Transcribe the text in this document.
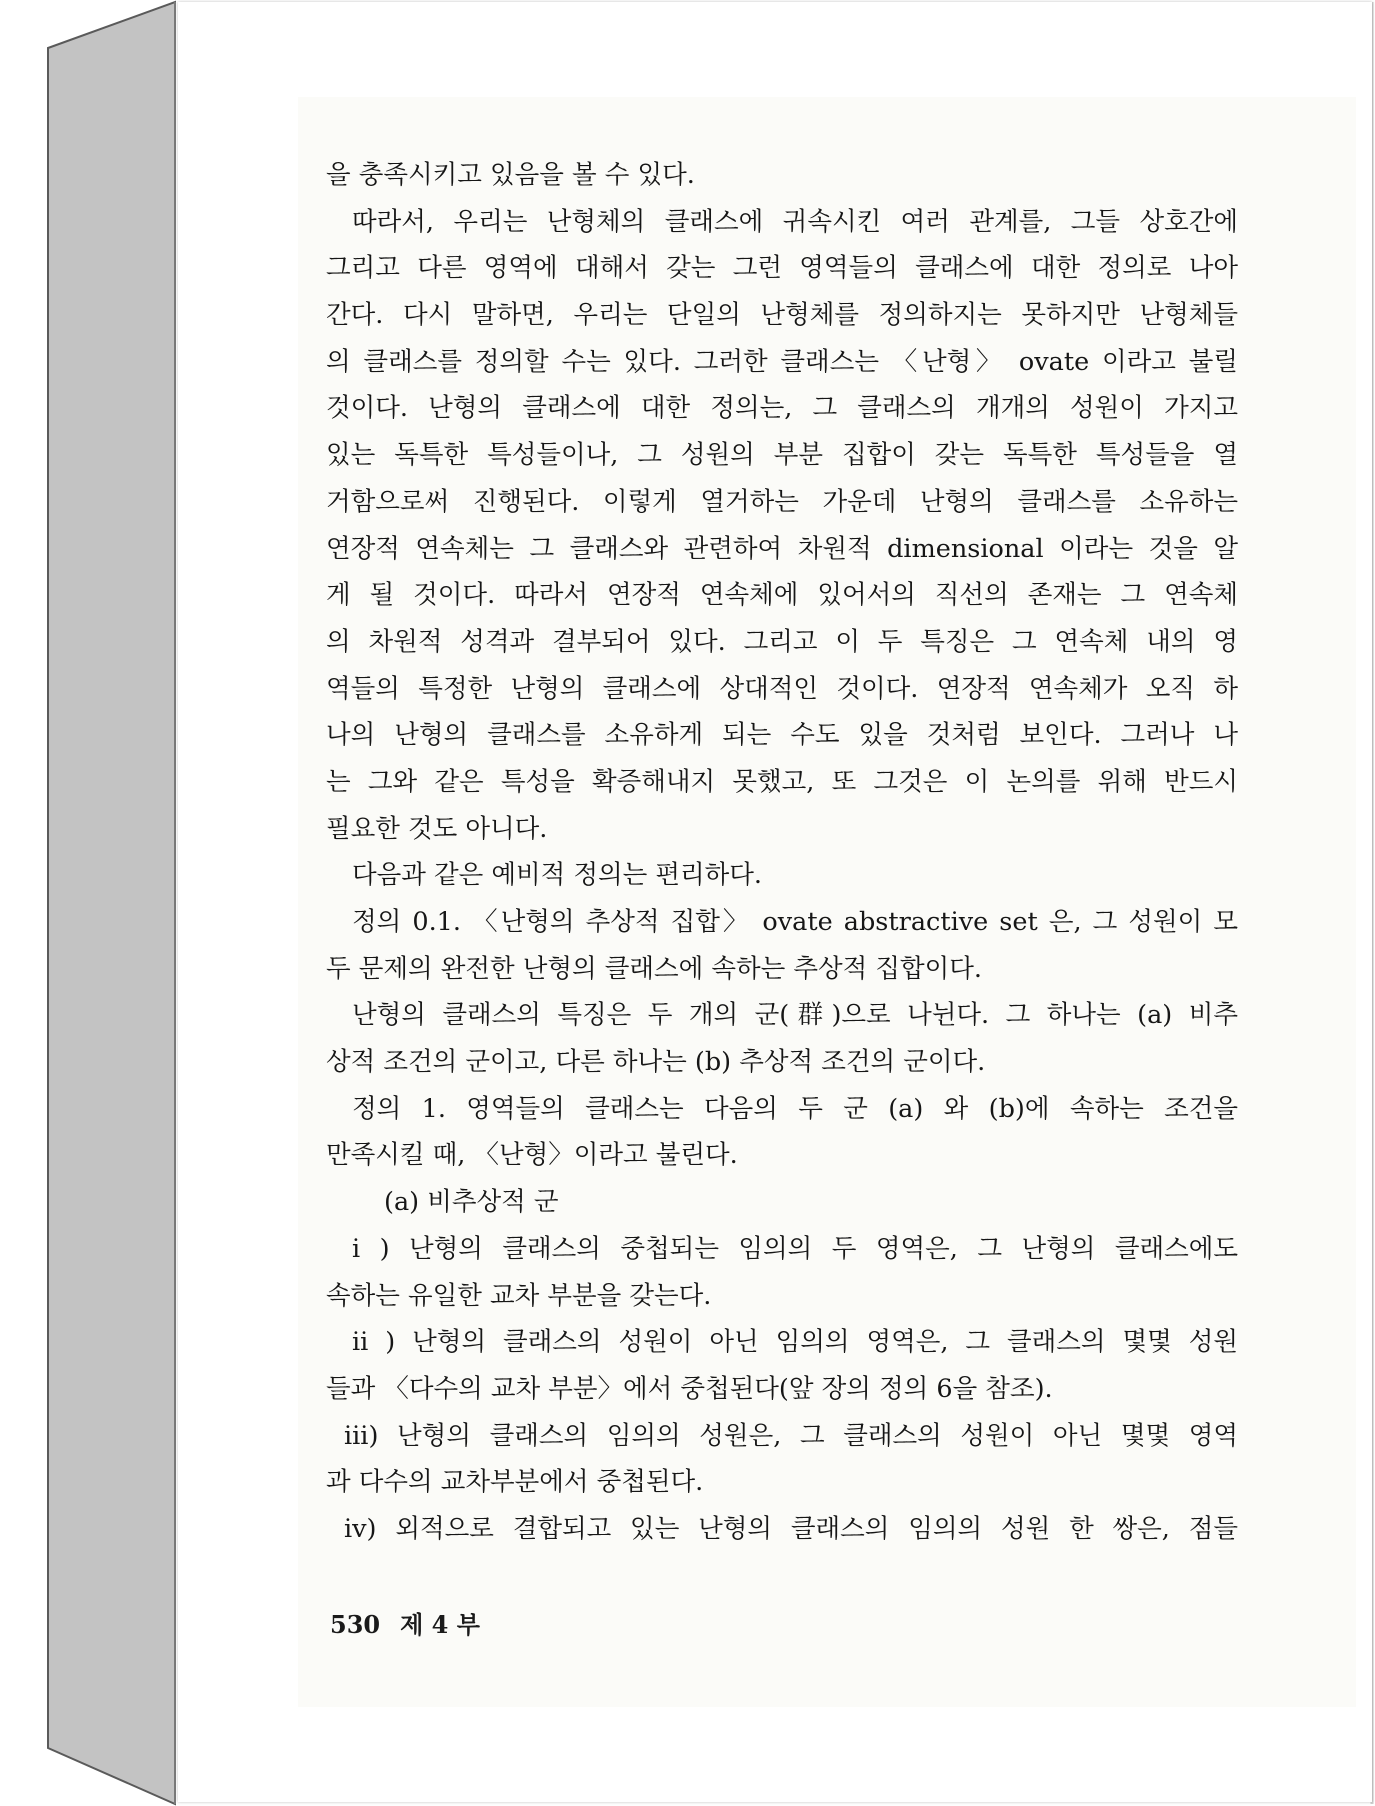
을 충족시키고 있음을 볼 수 있다.
따라서, 우리는 난형체의 클래스에 귀속시킨 여러 관계를, 그들 상호간에
그리고 다른 영역에 대해서 갖는 그런 영역들의 클래스에 대한 정의로 나아
간다. 다시 말하면, 우리는 단일의 난형체를 정의하지는 못하지만 난형체들
의 클래스를 정의할 수는 있다. 그러한 클래스는 〈난형〉 ovate 이라고 불릴
것이다. 난형의 클래스에 대한 정의는, 그 클래스의 개개의 성원이 가지고
있는 독특한 특성들이나, 그 성원의 부분 집합이 갖는 독특한 특성들을 열
거함으로써 진행된다. 이렇게 열거하는 가운데 난형의 클래스를 소유하는
연장적 연속체는 그 클래스와 관련하여 차원적 dimensional 이라는 것을 알
게 될 것이다. 따라서 연장적 연속체에 있어서의 직선의 존재는 그 연속체
의 차원적 성격과 결부되어 있다. 그리고 이 두 특징은 그 연속체 내의 영
역들의 특정한 난형의 클래스에 상대적인 것이다. 연장적 연속체가 오직 하
나의 난형의 클래스를 소유하게 되는 수도 있을 것처럼 보인다. 그러나 나
는 그와 같은 특성을 확증해내지 못했고, 또 그것은 이 논의를 위해 반드시
필요한 것도 아니다.
다음과 같은 예비적 정의는 편리하다.
정의 0.1. 〈난형의 추상적 집합〉 ovate abstractive set 은, 그 성원이 모
두 문제의 완전한 난형의 클래스에 속하는 추상적 집합이다.
난형의 클래스의 특징은 두 개의 군(群)으로 나뉜다. 그 하나는 (a) 비추
상적 조건의 군이고, 다른 하나는 (b) 추상적 조건의 군이다.
정의 1. 영역들의 클래스는 다음의 두 군 (a) 와 (b)에 속하는 조건을
만족시킬 때, 〈난형〉이라고 불린다.
(a) 비추상적 군
i ) 난형의 클래스의 중첩되는 임의의 두 영역은, 그 난형의 클래스에도
속하는 유일한 교차 부분을 갖는다.
ii ) 난형의 클래스의 성원이 아닌 임의의 영역은, 그 클래스의 몇몇 성원
들과 〈다수의 교차 부분〉에서 중첩된다(앞 장의 정의 6을 참조).
iii) 난형의 클래스의 임의의 성원은, 그 클래스의 성원이 아닌 몇몇 영역
과 다수의 교차부분에서 중첩된다.
iv) 외적으로 결합되고 있는 난형의 클래스의 임의의 성원 한 쌍은, 점들
530 제 4 부
